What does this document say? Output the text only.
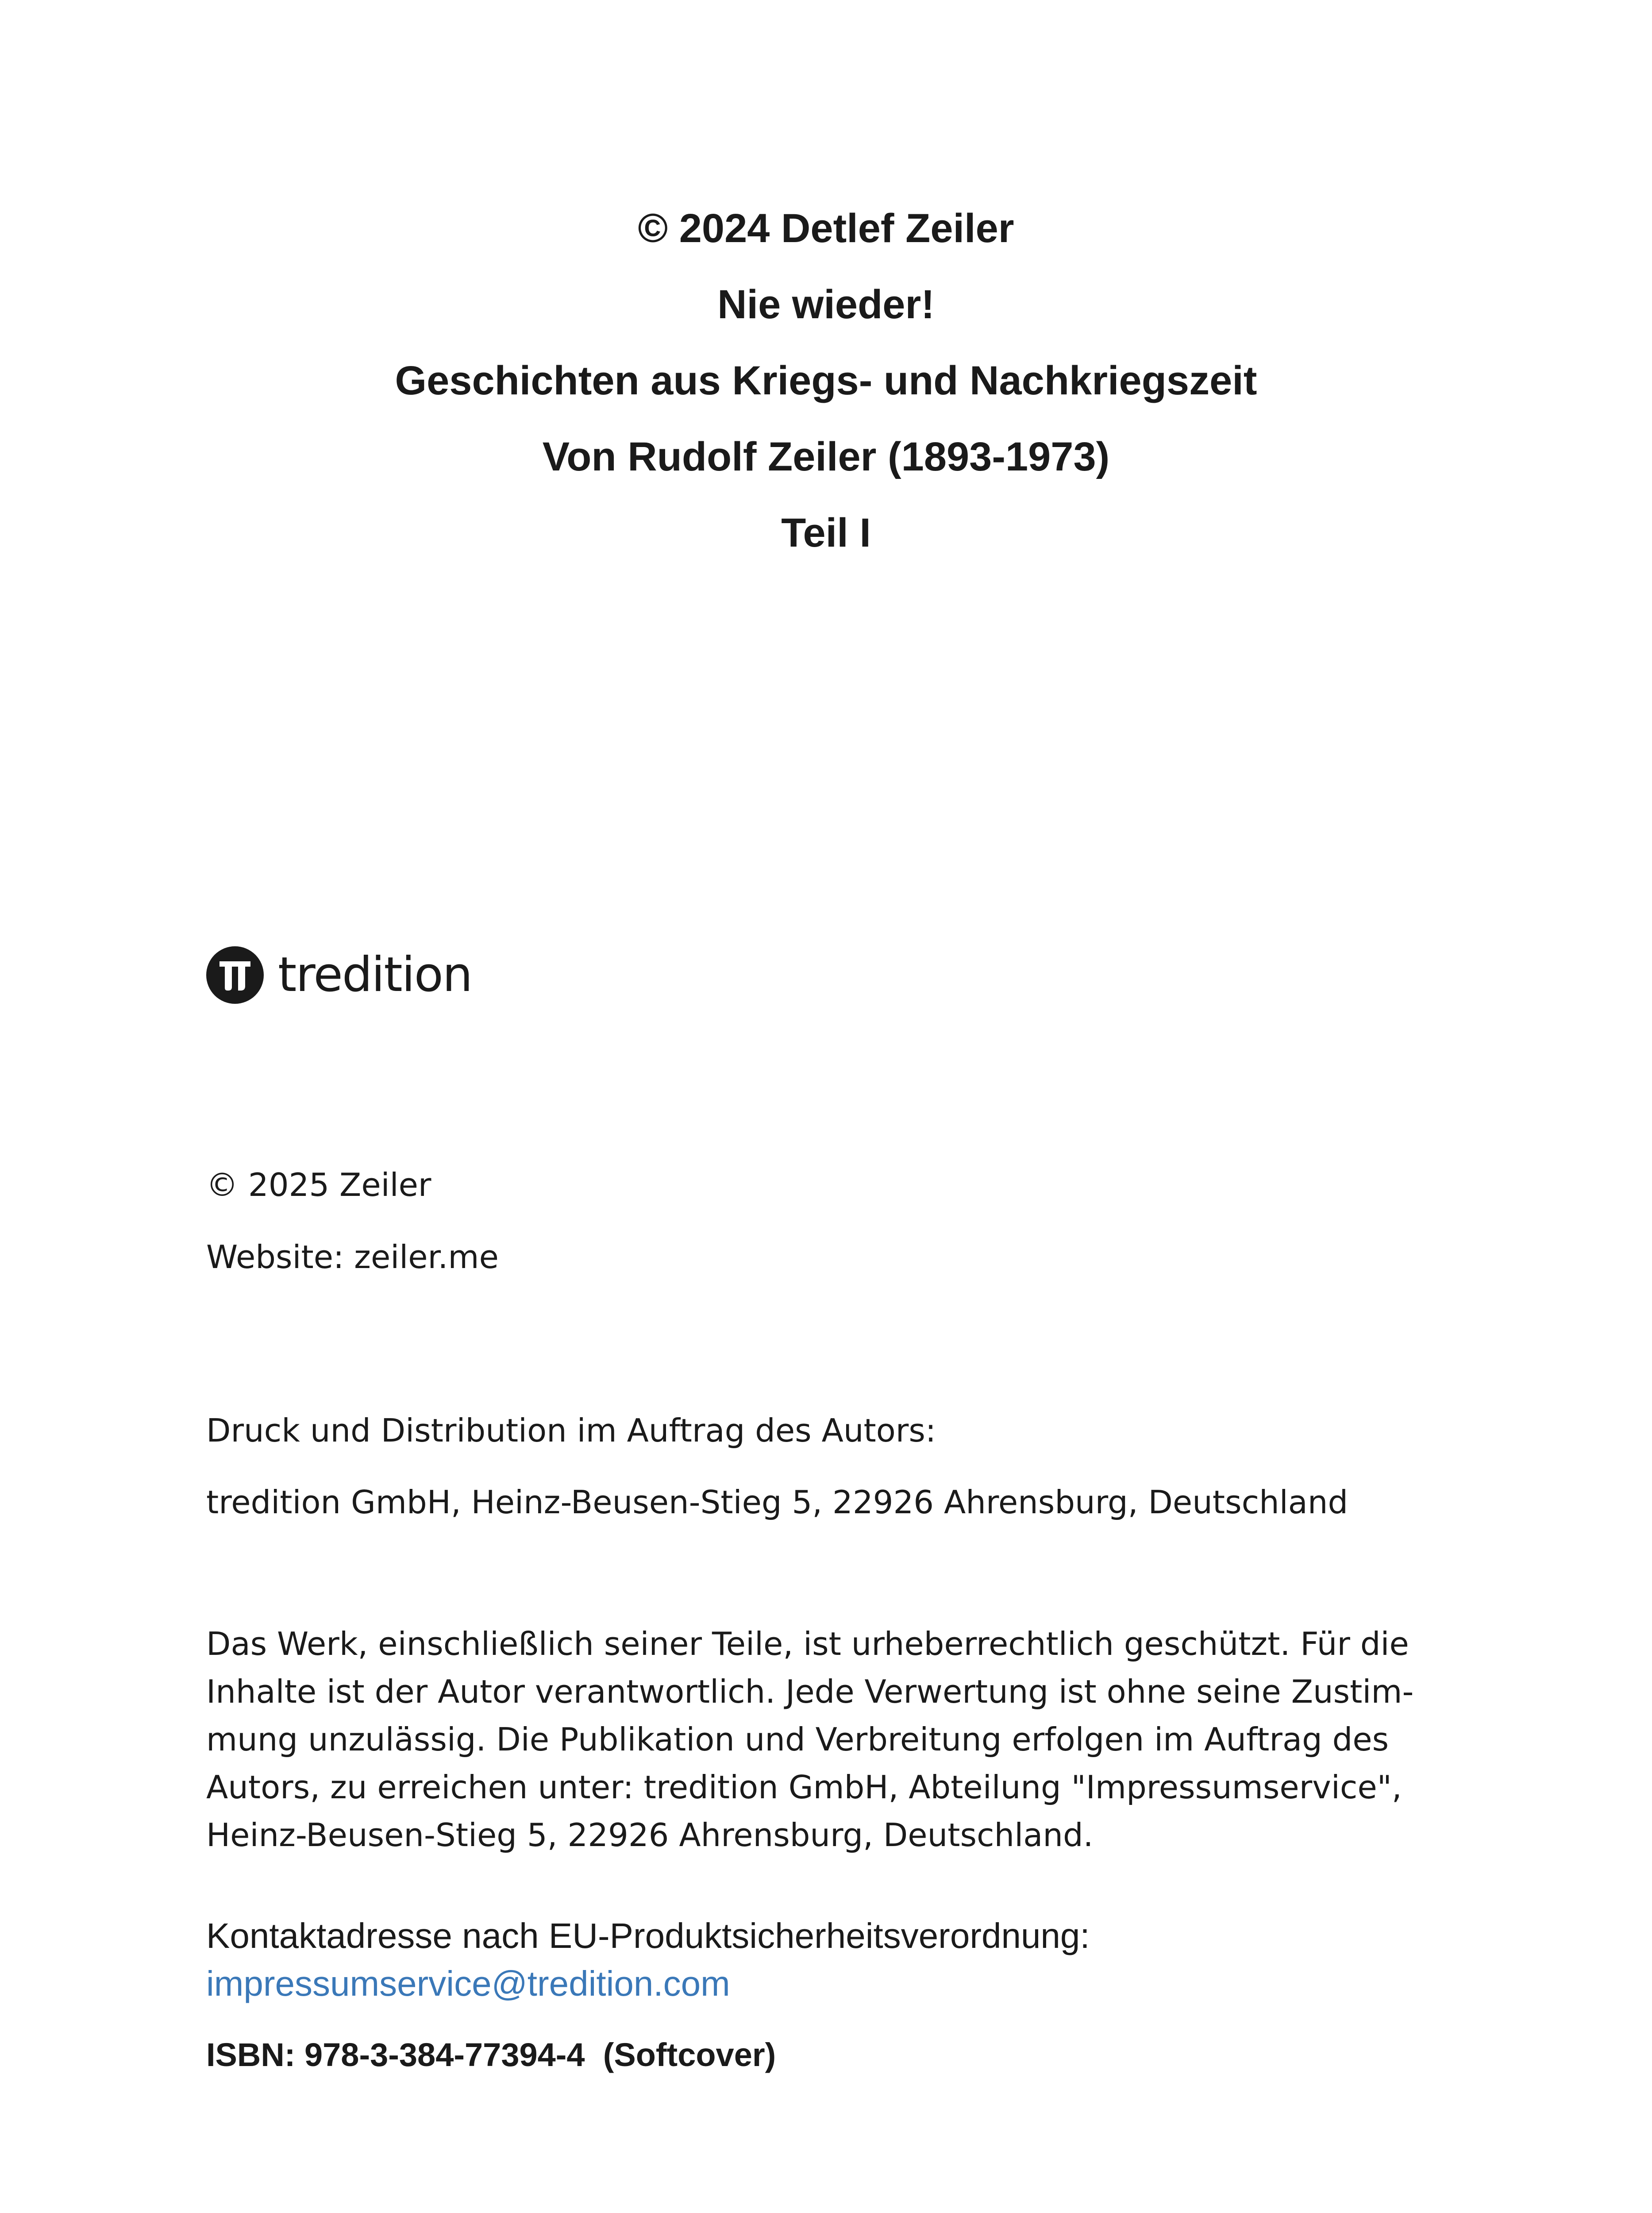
© 2024 Detlef Zeiler

Nie wieder!

Geschichten aus Kriegs- und Nachkriegszeit

Von Rudolf Zeiler (1893-1973)

Teil I

tredition
© 2025 Zeiler
Website: zeiler.me
Druck und Distribution im Auftrag des Autors:
tredition GmbH, Heinz-Beusen-Stieg 5, 22926 Ahrensburg, Deutschland
Das Werk, einschließlich seiner Teile, ist urheberrechtlich geschützt. Für die
Inhalte ist der Autor verantwortlich. Jede Verwertung ist ohne seine Zustim-
mung unzulässig. Die Publikation und Verbreitung erfolgen im Auftrag des
Autors, zu erreichen unter: tredition GmbH, Abteilung "Impressumservice",
Heinz-Beusen-Stieg 5, 22926 Ahrensburg, Deutschland.
Kontaktadresse nach EU-Produktsicherheitsverordnung:
impressumservice@tredition.com
ISBN: 978-3-384-77394-4  (Softcover)
